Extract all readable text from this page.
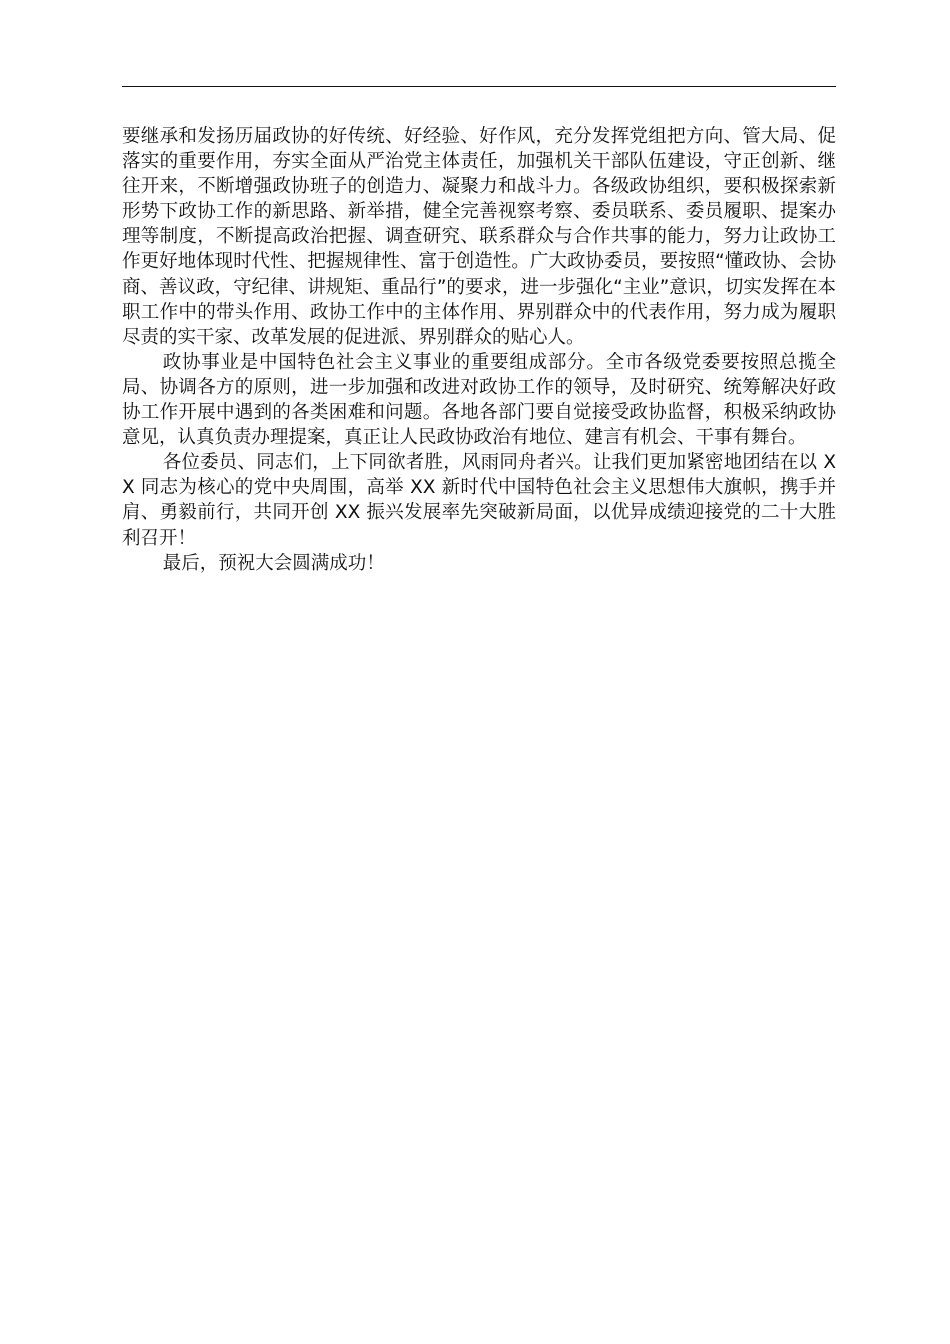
要继承和发扬历届政协的好传统、好经验、好作风，充分发挥党组把方向、管大局、促落实的重要作用，夯实全面从严治党主体责任，加强机关干部队伍建设，守正创新、继往开来，不断增强政协班子的创造力、凝聚力和战斗力。各级政协组织，要积极探索新形势下政协工作的新思路、新举措，健全完善视察考察、委员联系、委员履职、提案办理等制度，不断提高政治把握、调查研究、联系群众与合作共事的能力，努力让政协工作更好地体现时代性、把握规律性、富于创造性。广大政协委员，要按照“懂政协、会协商、善议政，守纪律、讲规矩、重品行”的要求，进一步强化“主业”意识，切实发挥在本职工作中的带头作用、政协工作中的主体作用、界别群众中的代表作用，努力成为履职尽责的实干家、改革发展的促进派、界别群众的贴心人。

政协事业是中国特色社会主义事业的重要组成部分。全市各级党委要按照总揽全局、协调各方的原则，进一步加强和改进对政协工作的领导，及时研究、统筹解决好政协工作开展中遇到的各类困难和问题。各地各部门要自觉接受政协监督，积极采纳政协意见，认真负责办理提案，真正让人民政协政治有地位、建言有机会、干事有舞台。

各位委员、同志们，上下同欲者胜，风雨同舟者兴。让我们更加紧密地团结在以 XX 同志为核心的党中央周围，高举 XX 新时代中国特色社会主义思想伟大旗帜，携手并肩、勇毅前行，共同开创 XX 振兴发展率先突破新局面，以优异成绩迎接党的二十大胜利召开！

最后，预祝大会圆满成功！
